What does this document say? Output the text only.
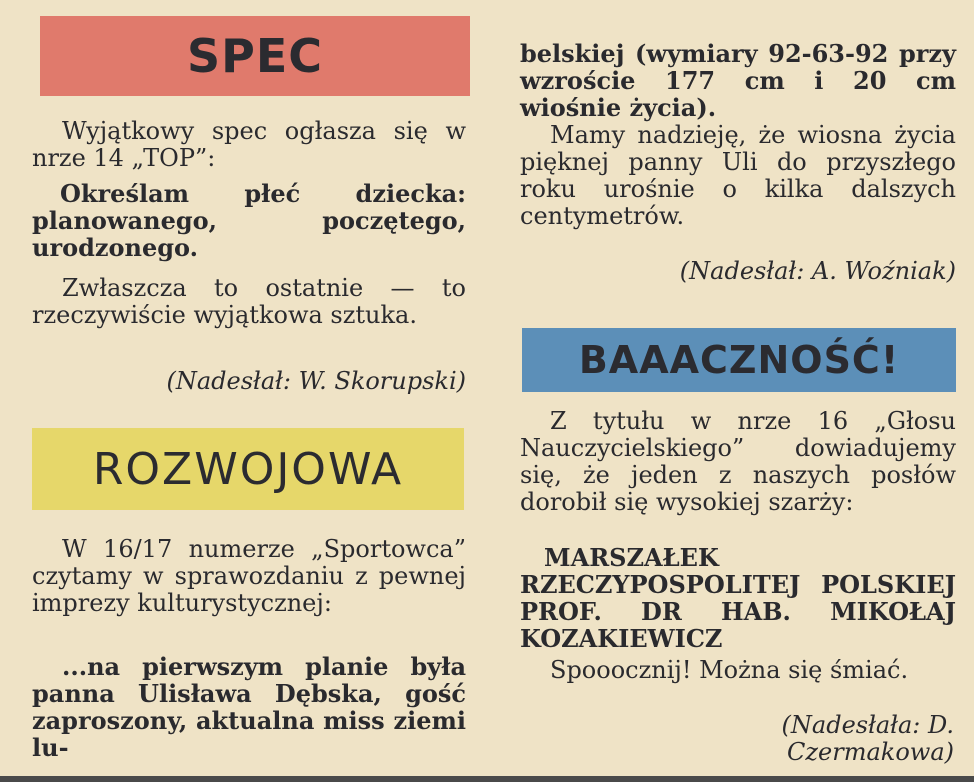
SPEC

Wyjątkowy spec ogłasza się w nrze 14 „TOP”:

Określam płeć dziecka: planowanego, poczętego, urodzonego.

Zwłaszcza to ostatnie — to rzeczywiście wyjątkowa sztuka.

(Nadesłał: W. Skorupski)

ROZWOJOWA

W 16/17 numerze „Sportowca” czytamy w sprawozdaniu z pewnej imprezy kulturystycznej:

...na pierwszym planie była panna Ulisława Dębska, gość zaproszony, aktualna miss ziemi lu-

belskiej (wymiary 92-63-92 przy wzroście 177 cm i 20 cm wiośnie życia).

Mamy nadzieję, że wiosna życia pięknej panny Uli do przyszłego roku urośnie o kilka dalszych centymetrów.

(Nadesłał: A. Woźniak)

BAAACZNOŚĆ!

Z tytułu w nrze 16 „Głosu Nauczycielskiego” dowiadujemy się, że jeden z naszych posłów dorobił się wysokiej szarży:

MARSZAŁEK RZECZYPOSPOLITEJ POLSKIEJ PROF. DR HAB. MIKOŁAJ KOZAKIEWICZ

Spooocznij! Można się śmiać.

(Nadesłała: D. Czermakowa)
